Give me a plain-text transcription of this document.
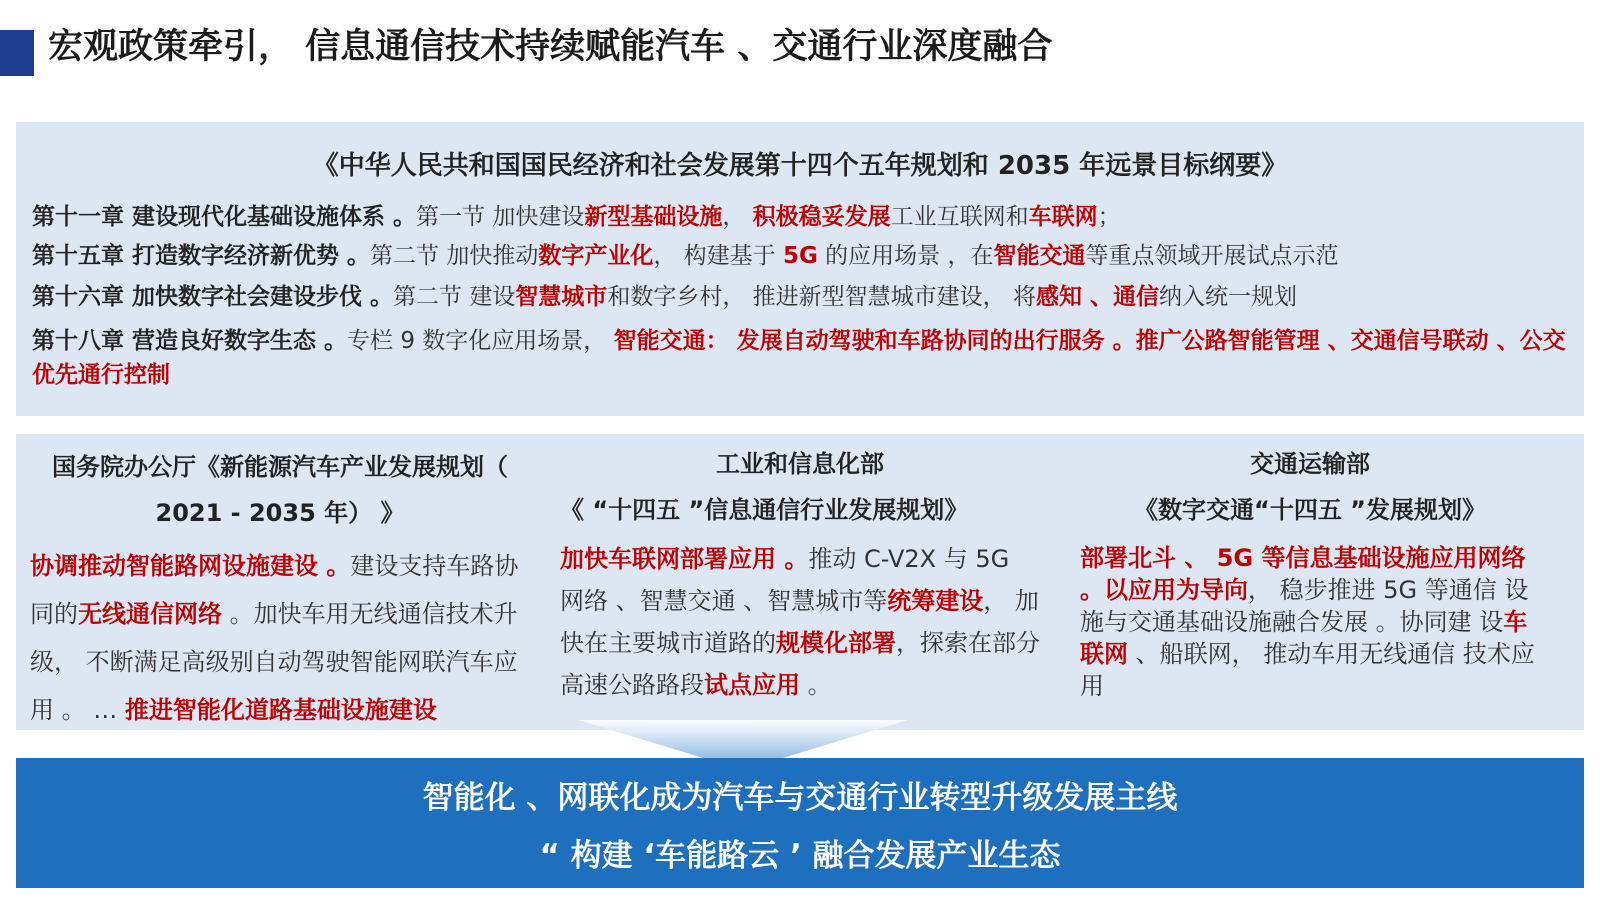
宏观政策牵引， 信息通信技术持续赋能汽车 、交通行业深度融合
《中华人民共和国国民经济和社会发展第十四个五年规划和 2035 年远景目标纲要》
第十一章 建设现代化基础设施体系 。第一节 加快建设新型基础设施， 积极稳妥发展工业互联网和车联网；
第十五章 打造数字经济新优势 。第二节 加快推动数字产业化， 构建基于 5G 的应用场景 ，在智能交通等重点领域开展试点示范
第十六章 加快数字社会建设步伐 。第二节 建设智慧城市和数字乡村， 推进新型智慧城市建设， 将感知 、通信纳入统一规划
第十八章 营造良好数字生态 。专栏 9 数字化应用场景， 智能交通： 发展自动驾驶和车路协同的出行服务 。推广公路智能管理 、交通信号联动 、公交优先通行控制
国务院办公厅《新能源汽车产业发展规划（ 2021 - 2035 年） 》
协调推动智能路网设施建设 。建设支持车路协同的无线通信网络 。加快车用无线通信技术升级， 不断满足高级别自动驾驶智能网联汽车应用 。 … 推进智能化道路基础设施建设
工业和信息化部
《 “十四五 ”信息通信行业发展规划》
加快车联网部署应用 。推动 C-V2X 与 5G 网络 、智慧交通 、智慧城市等统筹建设， 加快在主要城市道路的规模化部署，探索在部分高速公路路段试点应用 。
交通运输部
《数字交通“十四五 ”发展规划》
部署北斗 、 5G 等信息基础设施应用网络 。以应用为导向， 稳步推进 5G 等通信 设施与交通基础设施融合发展 。协同建 设车联网 、船联网， 推动车用无线通信 技术应用
智能化 、网联化成为汽车与交通行业转型升级发展主线
“ 构建 ‘车能路云 ’ 融合发展产业生态
